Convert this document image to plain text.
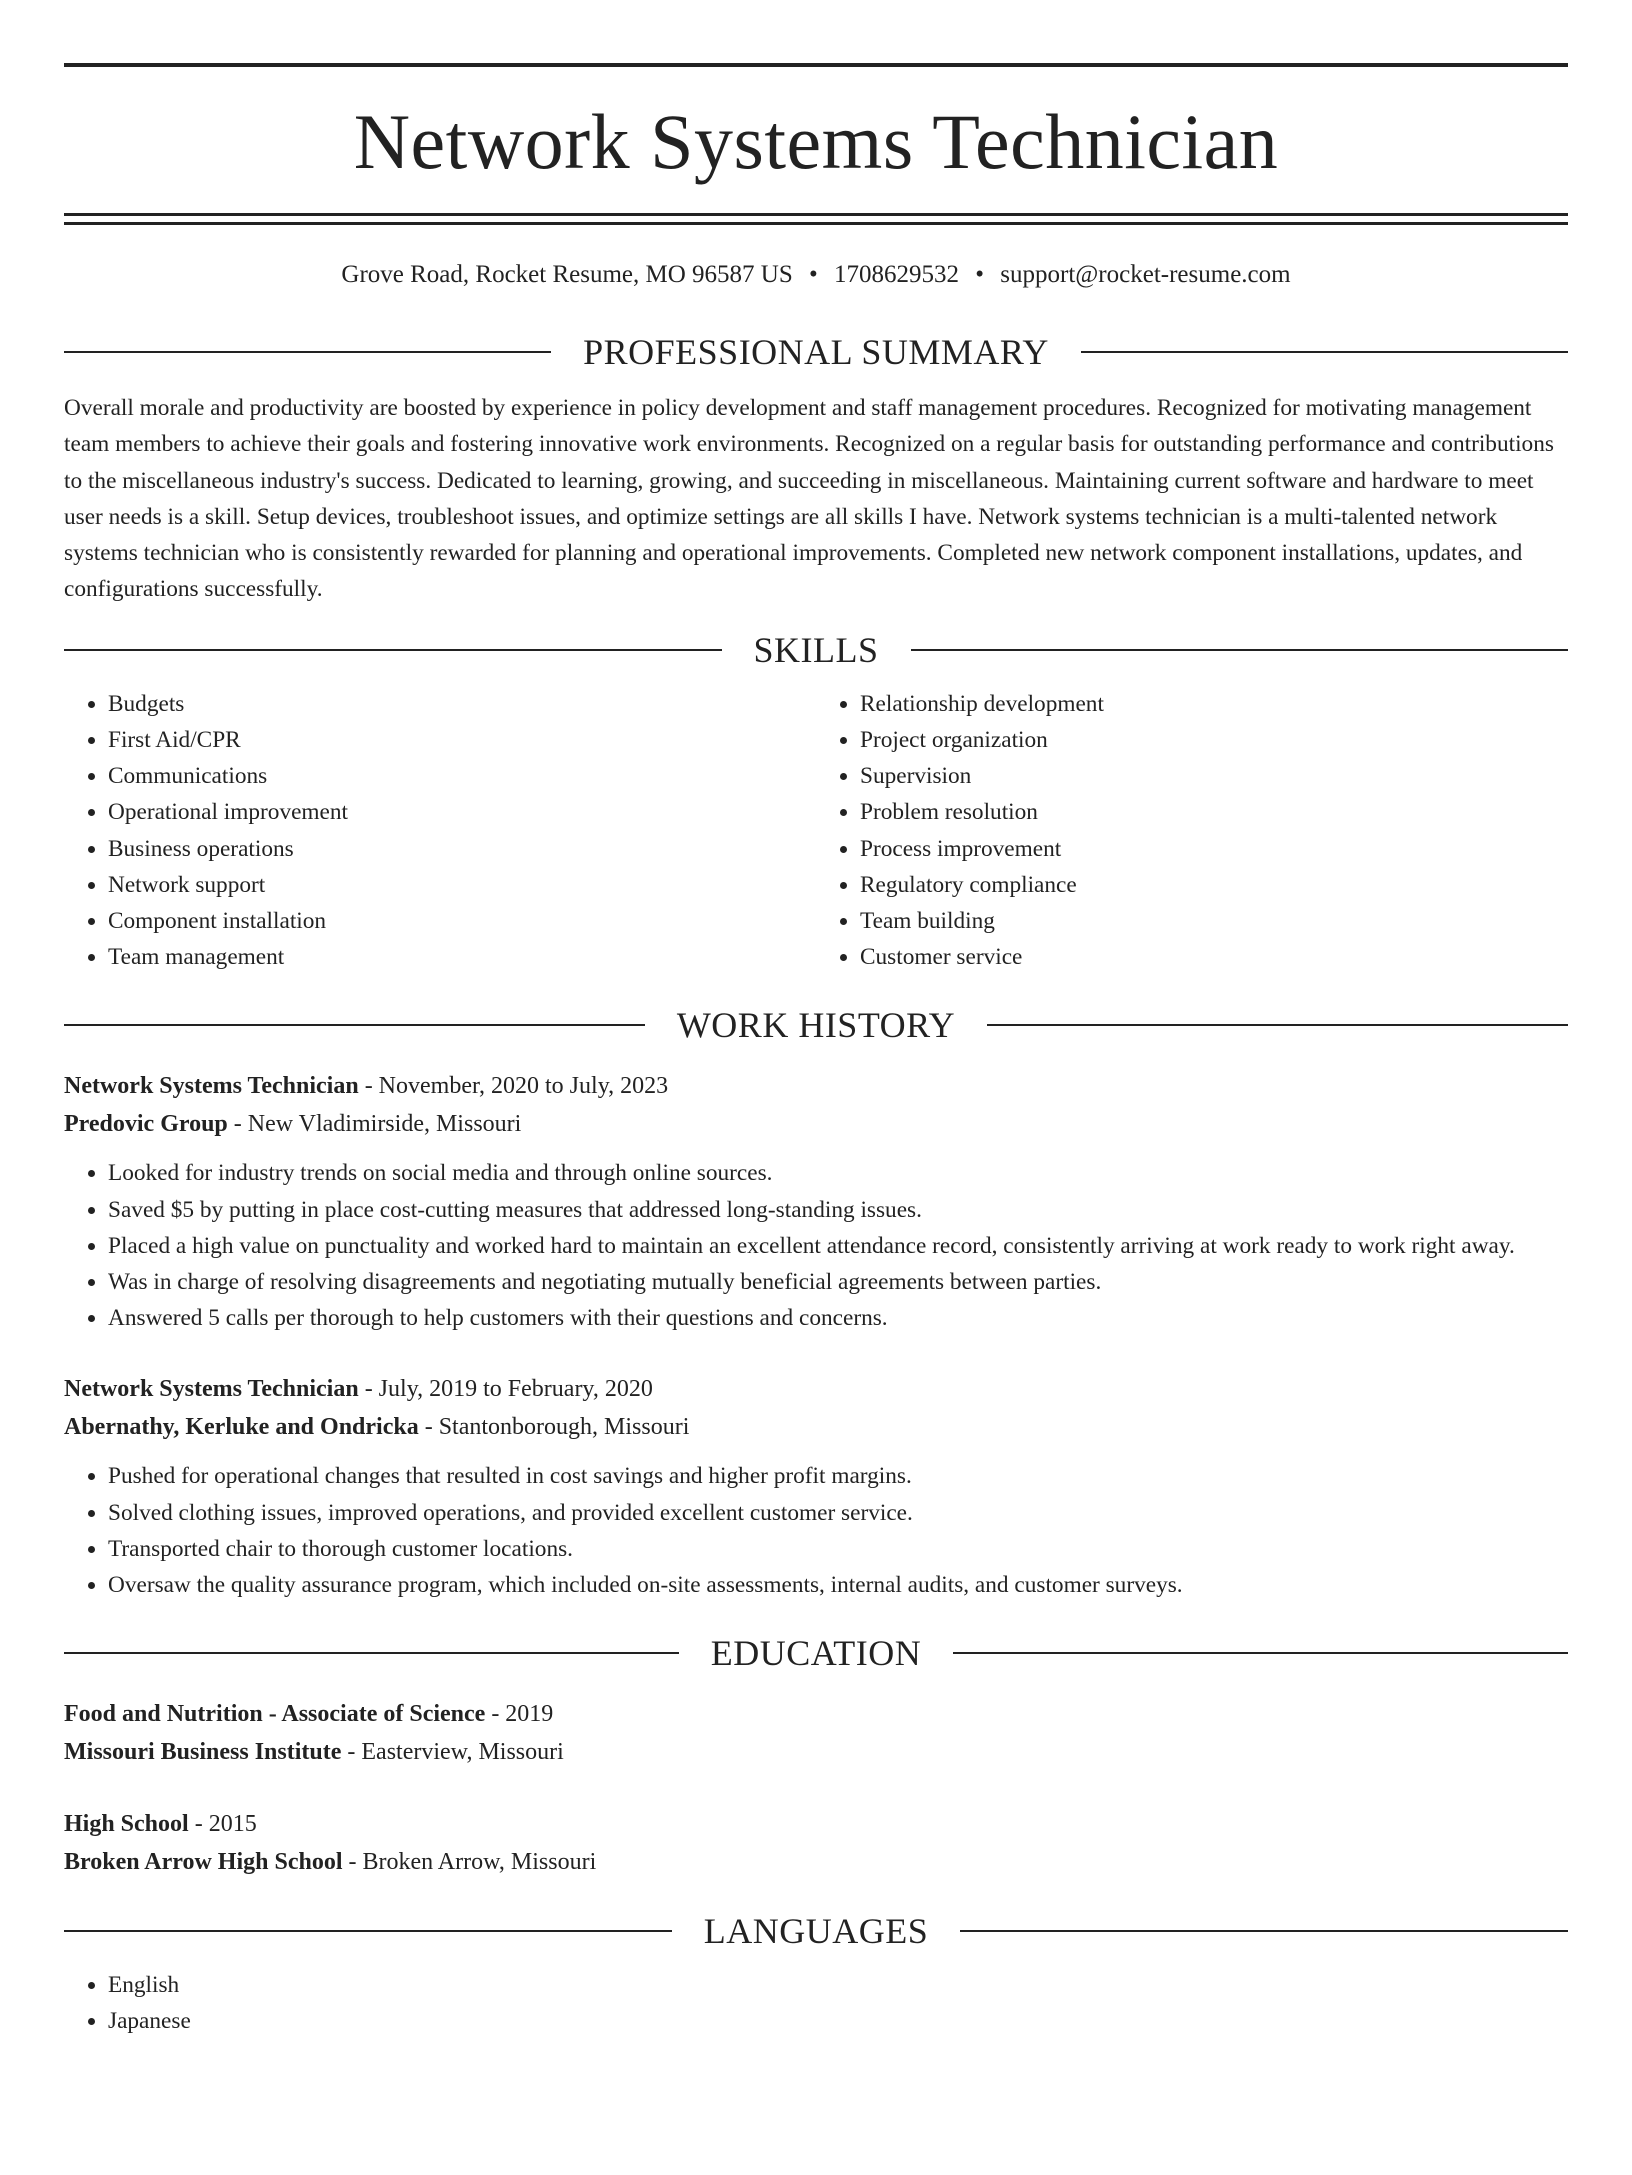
Network Systems Technician
Grove Road, Rocket Resume, MO 96587 US • 1708629532 • support@rocket-resume.com
PROFESSIONAL SUMMARY

Overall morale and productivity are boosted by experience in policy development and staff management procedures. Recognized for motivating management team members to achieve their goals and fostering innovative work environments. Recognized on a regular basis for outstanding performance and contributions to the miscellaneous industry's success. Dedicated to learning, growing, and succeeding in miscellaneous. Maintaining current software and hardware to meet user needs is a skill. Setup devices, troubleshoot issues, and optimize settings are all skills I have. Network systems technician is a multi-talented network systems technician who is consistently rewarded for planning and operational improvements. Completed new network component installations, updates, and configurations successfully.

SKILLS
• Budgets
• First Aid/CPR
• Communications
• Operational improvement
• Business operations
• Network support
• Component installation
• Team management
• Relationship development
• Project organization
• Supervision
• Problem resolution
• Process improvement
• Regulatory compliance
• Team building
• Customer service
WORK HISTORY
Network Systems Technician - November, 2020 to July, 2023
Predovic Group - New Vladimirside, Missouri
• Looked for industry trends on social media and through online sources.
• Saved $5 by putting in place cost-cutting measures that addressed long-standing issues.
• Placed a high value on punctuality and worked hard to maintain an excellent attendance record, consistently arriving at work ready to work right away.
• Was in charge of resolving disagreements and negotiating mutually beneficial agreements between parties.
• Answered 5 calls per thorough to help customers with their questions and concerns.
Network Systems Technician - July, 2019 to February, 2020
Abernathy, Kerluke and Ondricka - Stantonborough, Missouri
• Pushed for operational changes that resulted in cost savings and higher profit margins.
• Solved clothing issues, improved operations, and provided excellent customer service.
• Transported chair to thorough customer locations.
• Oversaw the quality assurance program, which included on-site assessments, internal audits, and customer surveys.
EDUCATION
Food and Nutrition - Associate of Science - 2019
Missouri Business Institute - Easterview, Missouri
High School - 2015
Broken Arrow High School - Broken Arrow, Missouri
LANGUAGES
• English
• Japanese
